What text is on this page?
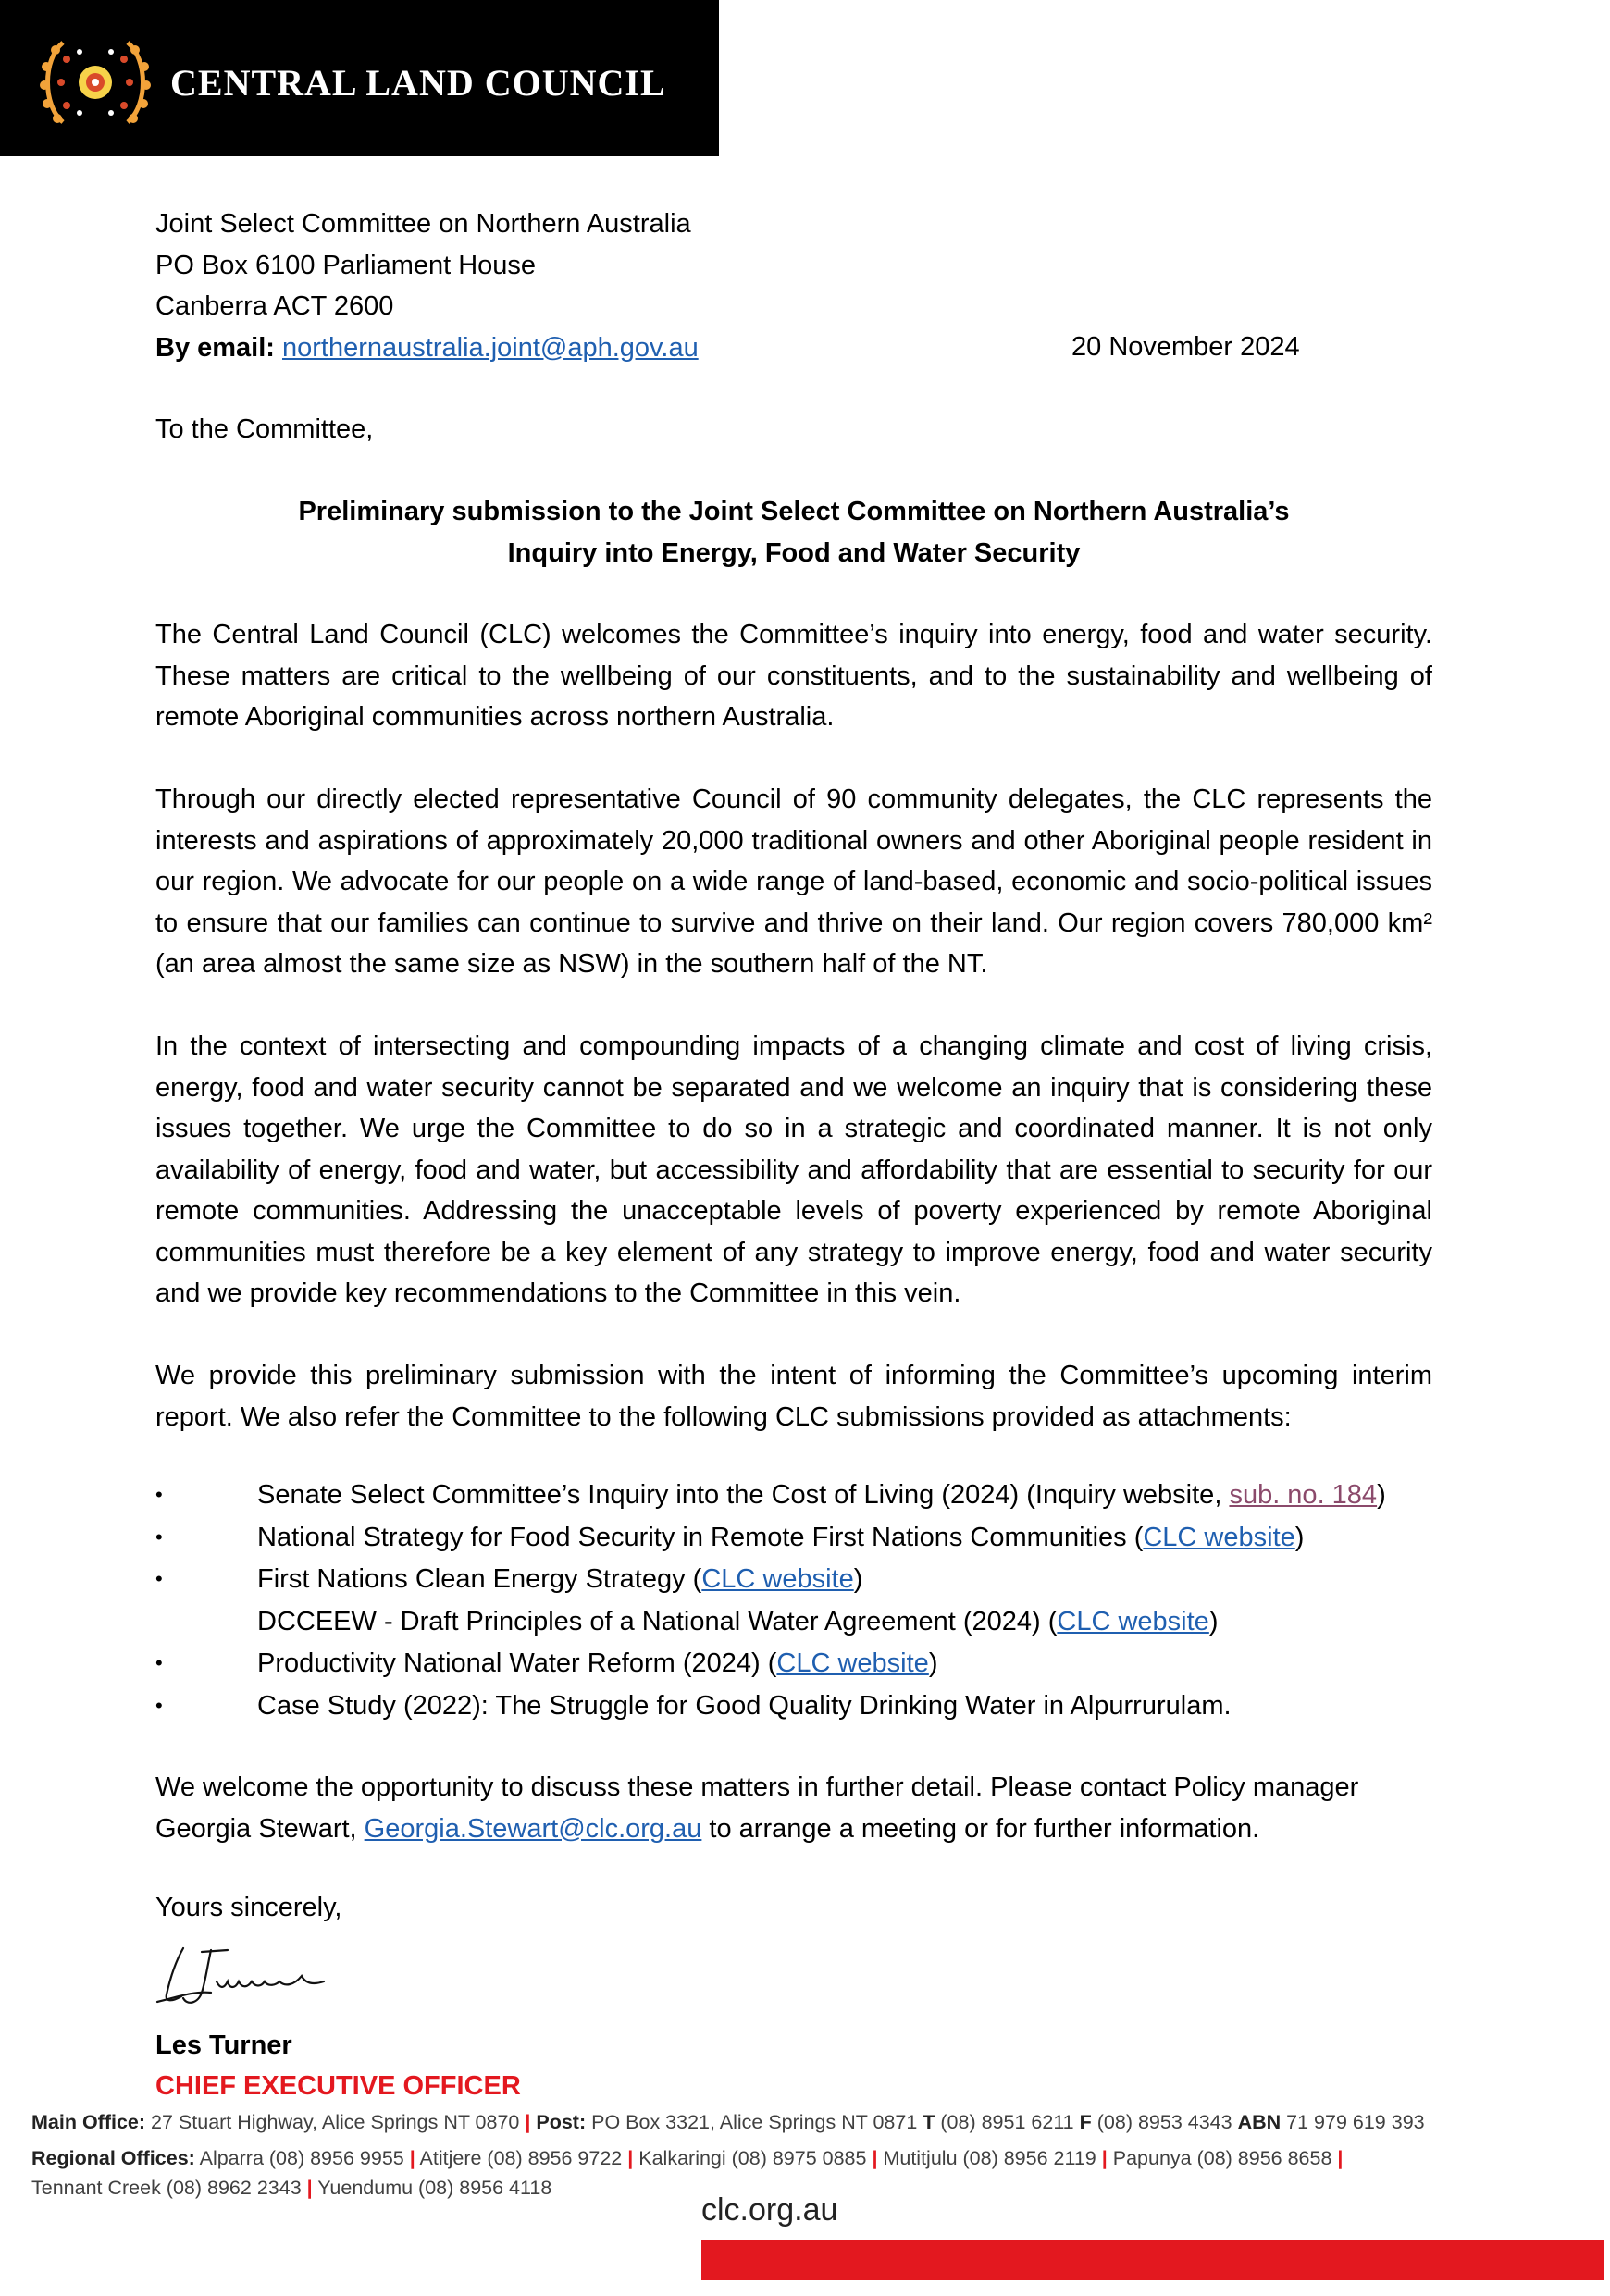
CENTRAL LAND COUNCIL
Joint Select Committee on Northern Australia
PO Box 6100 Parliament House
Canberra ACT 2600
By email: northernaustralia.joint@aph.gov.au	20 November 2024
To the Committee,
Preliminary submission to the Joint Select Committee on Northern Australia’s
Inquiry into Energy, Food and Water Security

The Central Land Council (CLC) welcomes the Committee’s inquiry into energy, food and water security. These matters are critical to the wellbeing of our constituents, and to the sustainability and wellbeing of remote Aboriginal communities across northern Australia.

Through our directly elected representative Council of 90 community delegates, the CLC represents the interests and aspirations of approximately 20,000 traditional owners and other Aboriginal people resident in our region. We advocate for our people on a wide range of land-based, economic and socio-political issues to ensure that our families can continue to survive and thrive on their land. Our region covers 780,000 km² (an area almost the same size as NSW) in the southern half of the NT.

In the context of intersecting and compounding impacts of a changing climate and cost of living crisis, energy, food and water security cannot be separated and we welcome an inquiry that is considering these issues together. We urge the Committee to do so in a strategic and coordinated manner. It is not only availability of energy, food and water, but accessibility and affordability that are essential to security for our remote communities. Addressing the unacceptable levels of poverty experienced by remote Aboriginal communities must therefore be a key element of any strategy to improve energy, food and water security and we provide key recommendations to the Committee in this vein.

We provide this preliminary submission with the intent of informing the Committee’s upcoming interim report. We also refer the Committee to the following CLC submissions provided as attachments:

•	Senate Select Committee’s Inquiry into the Cost of Living (2024) (Inquiry website, sub. no. 184)
•	National Strategy for Food Security in Remote First Nations Communities (CLC website)
•	First Nations Clean Energy Strategy (CLC website)
DCCEEW - Draft Principles of a National Water Agreement (2024) (CLC website)
•	Productivity National Water Reform (2024) (CLC website)
•	Case Study (2022): The Struggle for Good Quality Drinking Water in Alpurrurulam.

We welcome the opportunity to discuss these matters in further detail. Please contact Policy manager Georgia Stewart, Georgia.Stewart@clc.org.au to arrange a meeting or for further information.

Yours sincerely,
Les Turner
CHIEF EXECUTIVE OFFICER
Main Office: 27 Stuart Highway, Alice Springs NT 0870 | Post: PO Box 3321, Alice Springs NT 0871 T (08) 8951 6211 F (08) 8953 4343 ABN 71 979 619 393
Regional Offices: Alparra (08) 8956 9955 | Atitjere (08) 8956 9722 | Kalkaringi (08) 8975 0885 | Mutitjulu (08) 8956 2119 | Papunya (08) 8956 8658 |
Tennant Creek (08) 8962 2343 | Yuendumu (08) 8956 4118
clc.org.au
